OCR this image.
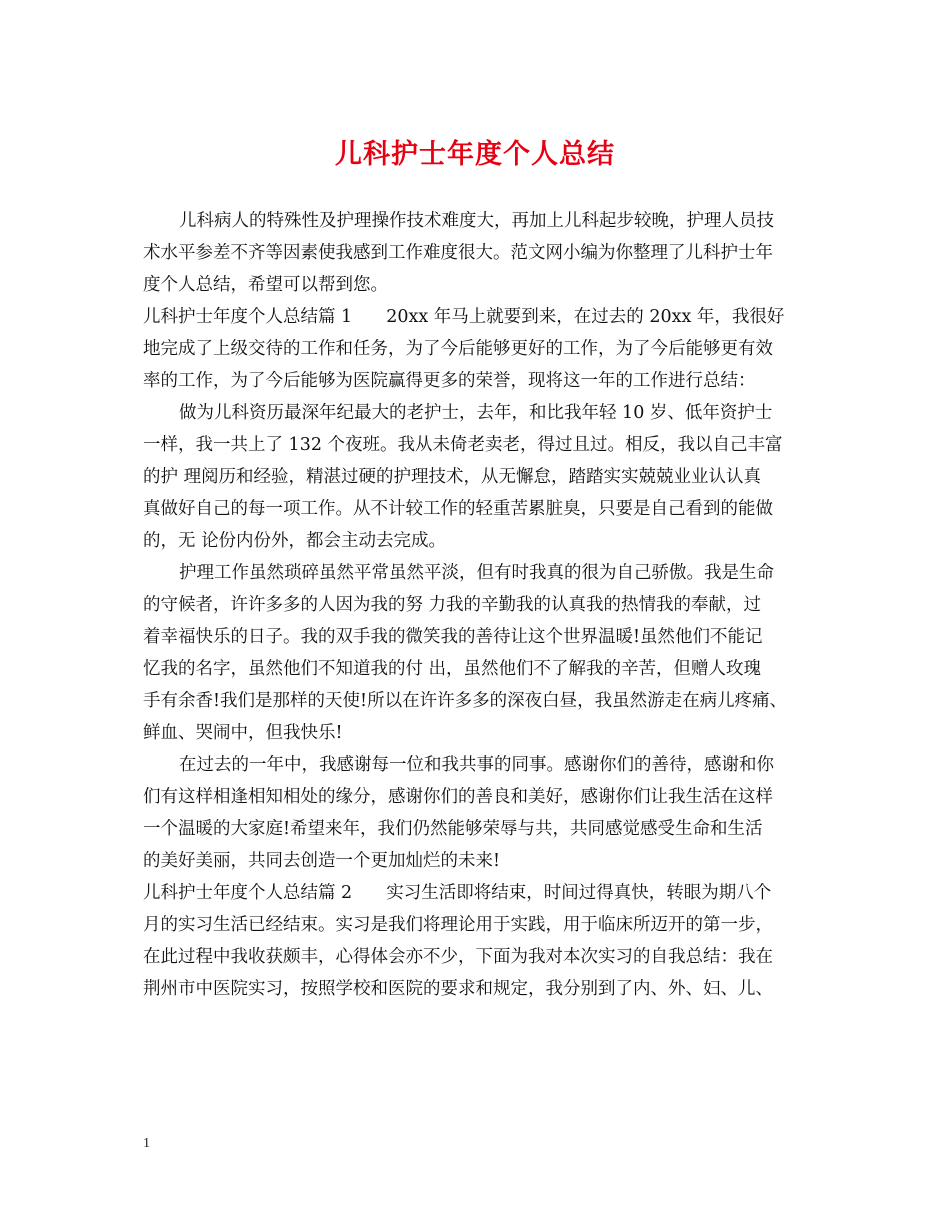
儿科护士年度个人总结
儿科病人的特殊性及护理操作技术难度大，再加上儿科起步较晚，护理人员技
术水平参差不齐等因素使我感到工作难度很大。范文网小编为你整理了儿科护士年
度个人总结，希望可以帮到您。
儿科护士年度个人总结篇 1 20xx 年马上就要到来，在过去的 20xx 年，我很好
地完成了上级交待的工作和任务，为了今后能够更好的工作，为了今后能够更有效
率的工作，为了今后能够为医院赢得更多的荣誉，现将这一年的工作进行总结：
做为儿科资历最深年纪最大的老护士，去年，和比我年轻 10 岁、低年资护士
一样，我一共上了 132 个夜班。我从未倚老卖老，得过且过。相反，我以自己丰富
的护 理阅历和经验，精湛过硬的护理技术，从无懈怠，踏踏实实兢兢业业认认真
真做好自己的每一项工作。从不计较工作的轻重苦累脏臭，只要是自己看到的能做
的，无 论份内份外，都会主动去完成。
护理工作虽然琐碎虽然平常虽然平淡，但有时我真的很为自己骄傲。我是生命
的守候者，许许多多的人因为我的努 力我的辛勤我的认真我的热情我的奉献，过
着幸福快乐的日子。我的双手我的微笑我的善待让这个世界温暖!虽然他们不能记
忆我的名字，虽然他们不知道我的付 出，虽然他们不了解我的辛苦，但赠人玫瑰
手有余香!我们是那样的天使!所以在许许多多的深夜白昼，我虽然游走在病儿疼痛、
鲜血、哭闹中，但我快乐!
在过去的一年中，我感谢每一位和我共事的同事。感谢你们的善待，感谢和你
们有这样相逢相知相处的缘分，感谢你们的善良和美好，感谢你们让我生活在这样
一个温暖的大家庭!希望来年，我们仍然能够荣辱与共，共同感觉感受生命和生活
的美好美丽，共同去创造一个更加灿烂的未来!
儿科护士年度个人总结篇 2 实习生活即将结束，时间过得真快，转眼为期八个
月的实习生活已经结束。实习是我们将理论用于实践，用于临床所迈开的第一步，
在此过程中我收获颇丰，心得体会亦不少，下面为我对本次实习的自我总结：我在
荆州市中医院实习，按照学校和医院的要求和规定，我分别到了内、外、妇、儿、
1
